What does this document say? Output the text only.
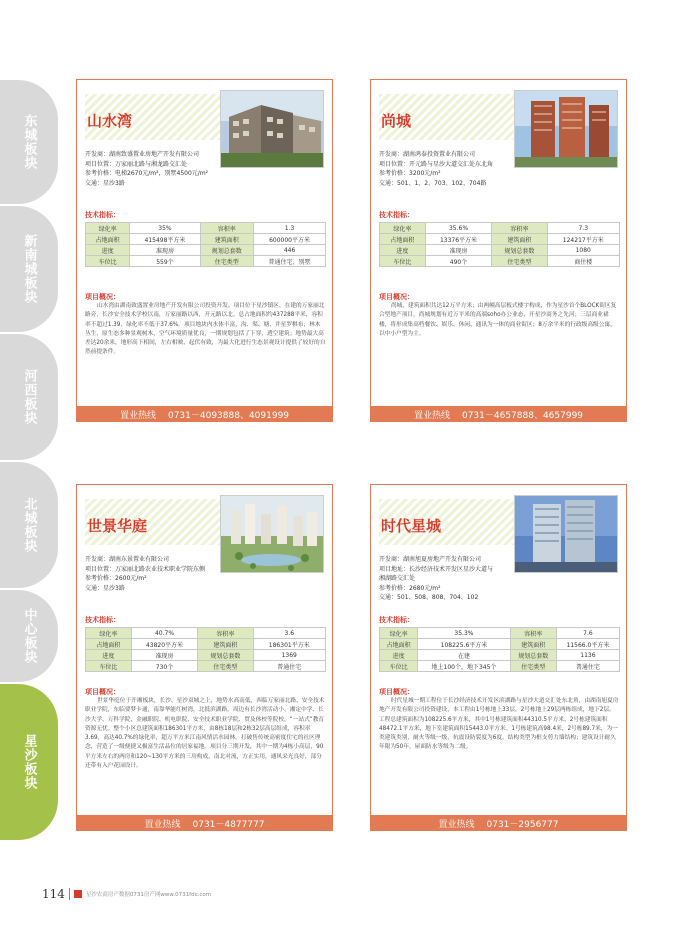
东城板块
新南城板块
河西板块
北城板块
中心板块
星沙板块
山水湾
开发商：湖南致盛置业房地产开发有限公司
项目位置：万家丽北路与湘龙路交汇处
参考价格：电梯2670元/m²，别墅4500元/m²
交通：星沙3路
技术指标：
绿化率	35%	容积率	1.3
占地面积	415498平方米	建筑面积	600000平方米
进度	准现房	规划总套数	446
车位比	559个	住宅类型	普通住宅、别墅
项目概况：
山水湾由湖南致盛置业房地产开发有限公司投资开发。项目位于星沙镇区，在建的万家丽北路旁，长沙安全技术学校以南，万家丽路以西，开元路以北。总占地面积约437288平米，容积率不超过1.39，绿化率不低于37.6%。项目地块内水体丰富，沟、渠、塘、井星罗棋布；林木丛生，原生态多种景观树木，空气环境质量优良，一期规划包括了下穿、透空建筑；地势最大高差达20余米，地形高下相间，左右相映、起伏有致，为最大化进行生态景观设计提供了较好的自然前提条件。
置业热线 0731－4093888、4091999
尚城
开发商：湖南鸿泰投资置业有限公司
项目位置：开元路与星沙大道交汇处东北角
参考价格：3200元/m²
交通：501、1、2、703、102、704路
技术指标：
绿化率	35.6%	容积率	7.3
占地面积	13376平方米	建筑面积	124217平方米
进度	准现房	规划总套数	1080
车位比	490个	住宅类型	商住楼
项目概况：
尚城，建筑面积共达12万平方米；由两幢高层板式楼宇构成，作为星沙首个BLOCK街区复合型地产项目，尚城规划有近万平米的高端soho办公业态、开星沙商务之先河；三层商业裙楼，将形成集高档餐饮、娱乐、休闲、通讯为一体的商业街区；8万余平米的行政级高级公寓，以中小户型为主。
置业热线 0731－4657888、4657999
世景华庭
开发商：湖南东景置业有限公司
项目位置：万家丽北路农业技术职业学院东侧
参考价格：2600元/m²
交通：星沙3路
技术指标：
绿化率	40.7%	容积率	3.6
占地面积	43820平方米	建筑面积	186301平方米
进度	准现房	规划总套数	1369
车位比	730个	住宅类型	普通住宅
项目概况：
世景华庭位于开湘板块，长沙、星沙双城之上，地势水高南低，西临万家丽北路、安全技术职业学院，东临要梦卡通，南靠华能红树湾，北抵滨湖路，周边有长沙湾活动小、湘定中学、长沙大学、万科学院、金融职院、机电职院、安全技术职业学院、贸及体校等院校，“一站式”教育资源无忧。整个小区总建筑面积186301平方米，由8栋18层和2栋32层高层组成，容积率3.69，高达40.7%的绿化率，超万平方米江南风情活水园林，打破售传统高密度住宅的社区理念，营造了一级便捷又极富生活品位的居家福地。项目分三期开发，其中一期为4栋小高层，90平方米左右的两房和120~130平方米的三房构成，南北对流，方正实用，通风采光良好，部分还带有入户花园设计。
置业热线 0731－4877777
时代星城
开发商：湖南旭夏房地产开发有限公司
项目地址：长沙经济技术开发区星沙大道与
湘湖路交汇处
参考价格：2680元/m²
交通：501、508、808、704、102
技术指标：
绿化率	35.3%	容积率	7.6
占地面积	108225.6平方米	建筑面积	11566.0平方米
进度	在建	规划总套数	1136
车位比	地上100个，地下345个	住宅类型	普通住宅
项目概况：
时代星城一期工程位于长沙经济技术开发区滨湖路与星沙大道交汇处东北角，由湖南旭夏房地产开发有限公司投资建设，本工程由1号栋地上33层，2号栋地上29层两栋组成，地下2层。工程总建筑面积为108225.6平方米，其中1号栋建筑面积44310.5平方米，2号栋建筑面积48472.1平方米，地下室建筑面积15443.0平方米。1号栋建筑高98.4米，2号栋89.7米，为一类建筑类别，耐火等级一级，抗震设防裂度为6度，结构类型为框支剪力墙结构；建筑设计耐久年限为50年，屋面防水等级为二级。
置业热线 0731－2956777
114	星沙农商房产数据0731房产网www.0731fdc.com
